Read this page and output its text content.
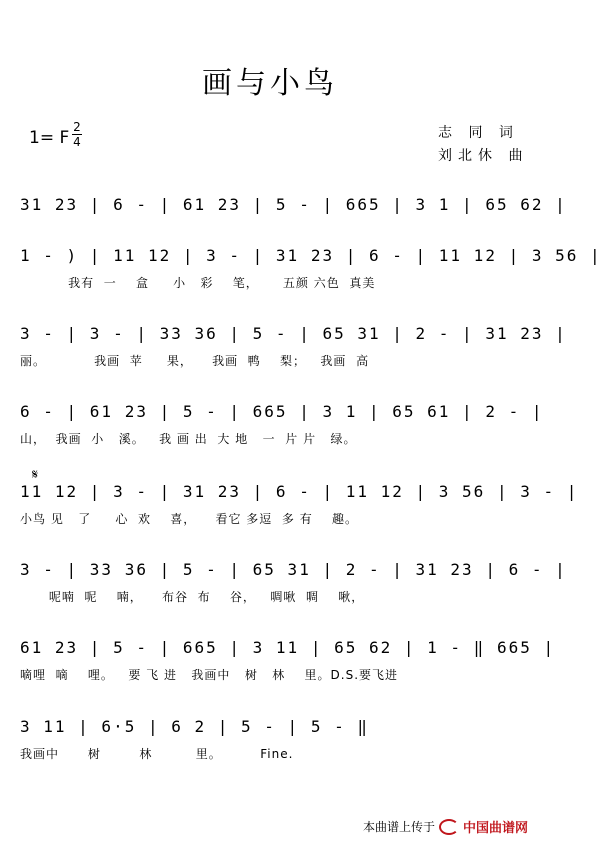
画与小鸟
1= F
2
4
志 同 词
刘北休 曲
31 23 | 6 - | 61 23 | 5 - | 665 | 3 1 | 65 62 |
1 - ) | 11 12 | 3 - | 31 23 | 6 - | 11 12 | 3 56 |
我有  一    盒     小   彩    笔，     五颜 六色  真美
3 - | 3 - | 33 36 | 5 - | 65 31 | 2 - | 31 23 |
丽。          我画  苹     果，    我画  鸭    梨；   我画  高
6 - | 61 23 | 5 - | 665 | 3 1 | 65 61 | 2 - |
山，  我画  小   溪。   我 画 出  大 地   一  片 片   绿。
𝄋
11 12 | 3 - | 31 23 | 6 - | 11 12 | 3 56 | 3 - |
小鸟 见   了     心  欢    喜，    看它 多逗  多 有    趣。
3 - | 33 36 | 5 - | 65 31 | 2 - | 31 23 | 6 - |
呢喃  呢    喃，    布谷  布    谷，   啁啾  啁    啾，
61 23 | 5 - | 665 | 3 11 | 65 62 | 1 - ‖ 665 |
嘀哩  嘀    哩。   要 飞 进   我画中   树   林    里。D.S.要飞进
3 11 | 6·5 | 6 2 | 5 - | 5 - ‖
我画中      树        林         里。        Fine.
本曲谱上传于 中国曲谱网
